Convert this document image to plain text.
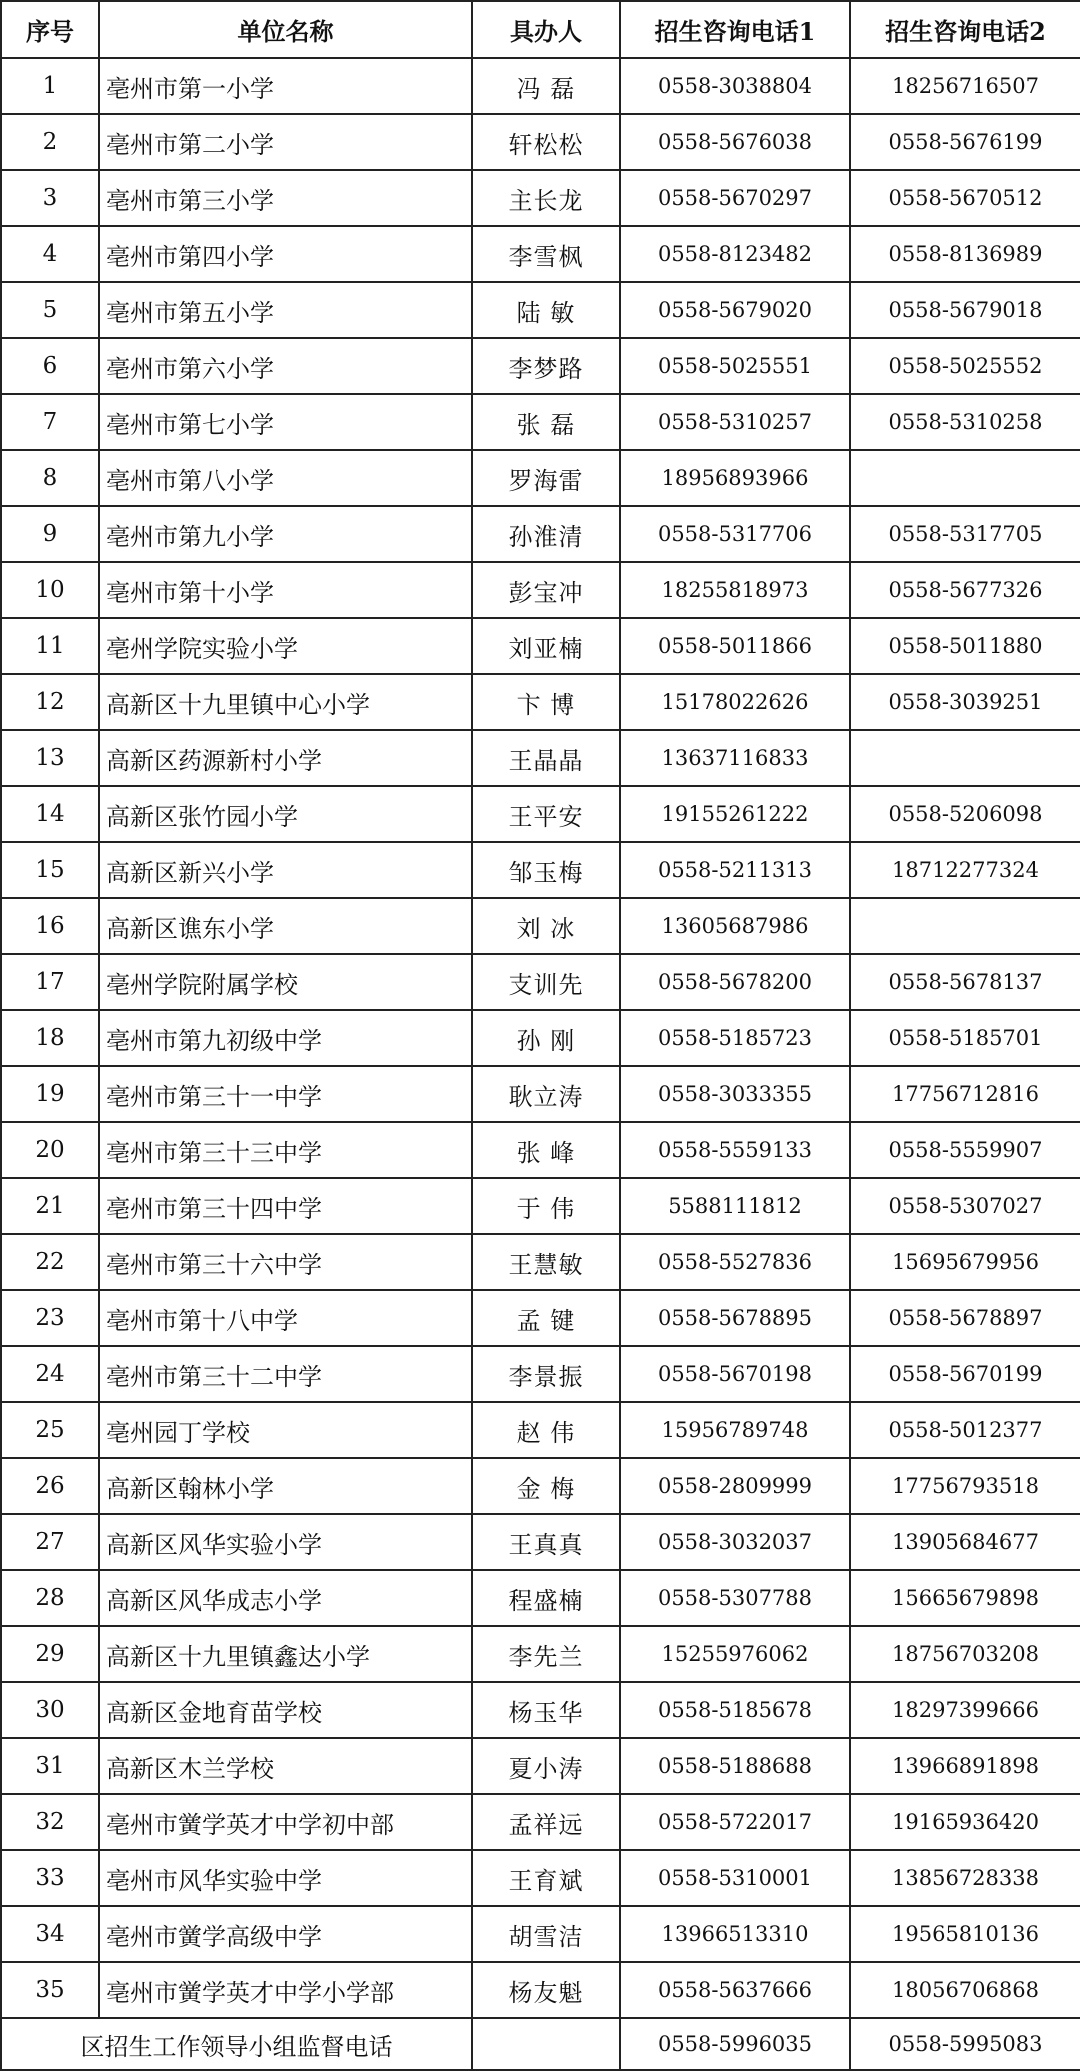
序号	单位名称	具办人	招生咨询电话1	招生咨询电话2
1	亳州市第一小学	冯 磊	0558-3038804	18256716507
2	亳州市第二小学	轩松松	0558-5676038	0558-5676199
3	亳州市第三小学	主长龙	0558-5670297	0558-5670512
4	亳州市第四小学	李雪枫	0558-8123482	0558-8136989
5	亳州市第五小学	陆 敏	0558-5679020	0558-5679018
6	亳州市第六小学	李梦路	0558-5025551	0558-5025552
7	亳州市第七小学	张 磊	0558-5310257	0558-5310258
8	亳州市第八小学	罗海雷	18956893966	
9	亳州市第九小学	孙淮清	0558-5317706	0558-5317705
10	亳州市第十小学	彭宝冲	18255818973	0558-5677326
11	亳州学院实验小学	刘亚楠	0558-5011866	0558-5011880
12	高新区十九里镇中心小学	卞 博	15178022626	0558-3039251
13	高新区药源新村小学	王晶晶	13637116833	
14	高新区张竹园小学	王平安	19155261222	0558-5206098
15	高新区新兴小学	邹玉梅	0558-5211313	18712277324
16	高新区谯东小学	刘 冰	13605687986	
17	亳州学院附属学校	支训先	0558-5678200	0558-5678137
18	亳州市第九初级中学	孙 刚	0558-5185723	0558-5185701
19	亳州市第三十一中学	耿立涛	0558-3033355	17756712816
20	亳州市第三十三中学	张 峰	0558-5559133	0558-5559907
21	亳州市第三十四中学	于 伟	5588111812	0558-5307027
22	亳州市第三十六中学	王慧敏	0558-5527836	15695679956
23	亳州市第十八中学	孟 键	0558-5678895	0558-5678897
24	亳州市第三十二中学	李景振	0558-5670198	0558-5670199
25	亳州园丁学校	赵 伟	15956789748	0558-5012377
26	高新区翰林小学	金 梅	0558-2809999	17756793518
27	高新区风华实验小学	王真真	0558-3032037	13905684677
28	高新区风华成志小学	程盛楠	0558-5307788	15665679898
29	高新区十九里镇鑫达小学	李先兰	15255976062	18756703208
30	高新区金地育苗学校	杨玉华	0558-5185678	18297399666
31	高新区木兰学校	夏小涛	0558-5188688	13966891898
32	亳州市黉学英才中学初中部	孟祥远	0558-5722017	19165936420
33	亳州市风华实验中学	王育斌	0558-5310001	13856728338
34	亳州市黉学高级中学	胡雪洁	13966513310	19565810136
35	亳州市黉学英才中学小学部	杨友魁	0558-5637666	18056706868
区招生工作领导小组监督电话			0558-5996035	0558-5995083
